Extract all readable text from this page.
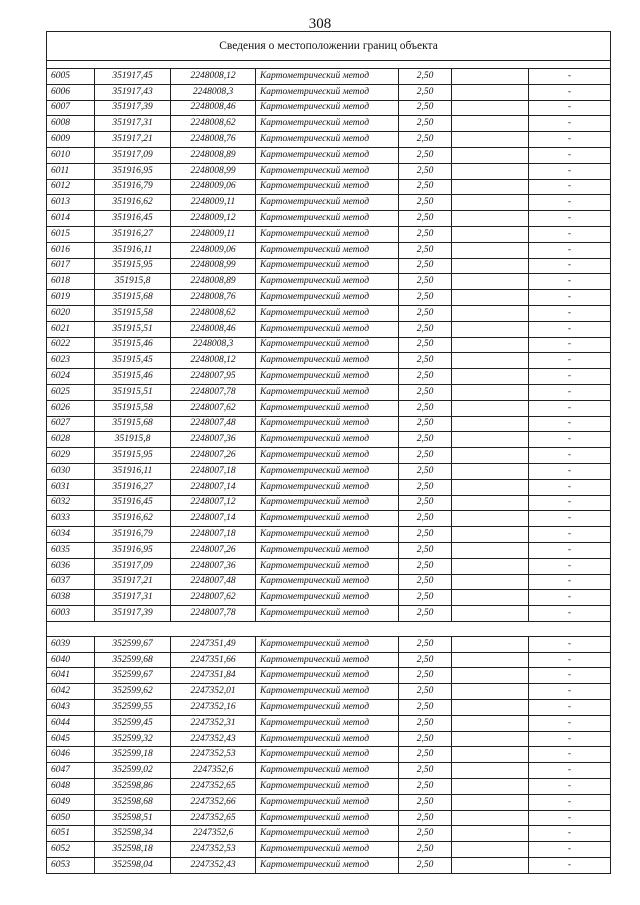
308
Сведения о местоположении границ объекта						

6005	351917,45	2248008,12	Картометрический метод	2,50		-
6006	351917,43	2248008,3	Картометрический метод	2,50		-
6007	351917,39	2248008,46	Картометрический метод	2,50		-
6008	351917,31	2248008,62	Картометрический метод	2,50		-
6009	351917,21	2248008,76	Картометрический метод	2,50		-
6010	351917,09	2248008,89	Картометрический метод	2,50		-
6011	351916,95	2248008,99	Картометрический метод	2,50		-
6012	351916,79	2248009,06	Картометрический метод	2,50		-
6013	351916,62	2248009,11	Картометрический метод	2,50		-
6014	351916,45	2248009,12	Картометрический метод	2,50		-
6015	351916,27	2248009,11	Картометрический метод	2,50		-
6016	351916,11	2248009,06	Картометрический метод	2,50		-
6017	351915,95	2248008,99	Картометрический метод	2,50		-
6018	351915,8	2248008,89	Картометрический метод	2,50		-
6019	351915,68	2248008,76	Картометрический метод	2,50		-
6020	351915,58	2248008,62	Картометрический метод	2,50		-
6021	351915,51	2248008,46	Картометрический метод	2,50		-
6022	351915,46	2248008,3	Картометрический метод	2,50		-
6023	351915,45	2248008,12	Картометрический метод	2,50		-
6024	351915,46	2248007,95	Картометрический метод	2,50		-
6025	351915,51	2248007,78	Картометрический метод	2,50		-
6026	351915,58	2248007,62	Картометрический метод	2,50		-
6027	351915,68	2248007,48	Картометрический метод	2,50		-
6028	351915,8	2248007,36	Картометрический метод	2,50		-
6029	351915,95	2248007,26	Картометрический метод	2,50		-
6030	351916,11	2248007,18	Картометрический метод	2,50		-
6031	351916,27	2248007,14	Картометрический метод	2,50		-
6032	351916,45	2248007,12	Картометрический метод	2,50		-
6033	351916,62	2248007,14	Картометрический метод	2,50		-
6034	351916,79	2248007,18	Картометрический метод	2,50		-
6035	351916,95	2248007,26	Картометрический метод	2,50		-
6036	351917,09	2248007,36	Картометрический метод	2,50		-
6037	351917,21	2248007,48	Картометрический метод	2,50		-
6038	351917,31	2248007,62	Картометрический метод	2,50		-
6003	351917,39	2248007,78	Картометрический метод	2,50		-

6039	352599,67	2247351,49	Картометрический метод	2,50		-
6040	352599,68	2247351,66	Картометрический метод	2,50		-
6041	352599,67	2247351,84	Картометрический метод	2,50		-
6042	352599,62	2247352,01	Картометрический метод	2,50		-
6043	352599,55	2247352,16	Картометрический метод	2,50		-
6044	352599,45	2247352,31	Картометрический метод	2,50		-
6045	352599,32	2247352,43	Картометрический метод	2,50		-
6046	352599,18	2247352,53	Картометрический метод	2,50		-
6047	352599,02	2247352,6	Картометрический метод	2,50		-
6048	352598,86	2247352,65	Картометрический метод	2,50		-
6049	352598,68	2247352,66	Картометрический метод	2,50		-
6050	352598,51	2247352,65	Картометрический метод	2,50		-
6051	352598,34	2247352,6	Картометрический метод	2,50		-
6052	352598,18	2247352,53	Картометрический метод	2,50		-
6053	352598,04	2247352,43	Картометрический метод	2,50		-
